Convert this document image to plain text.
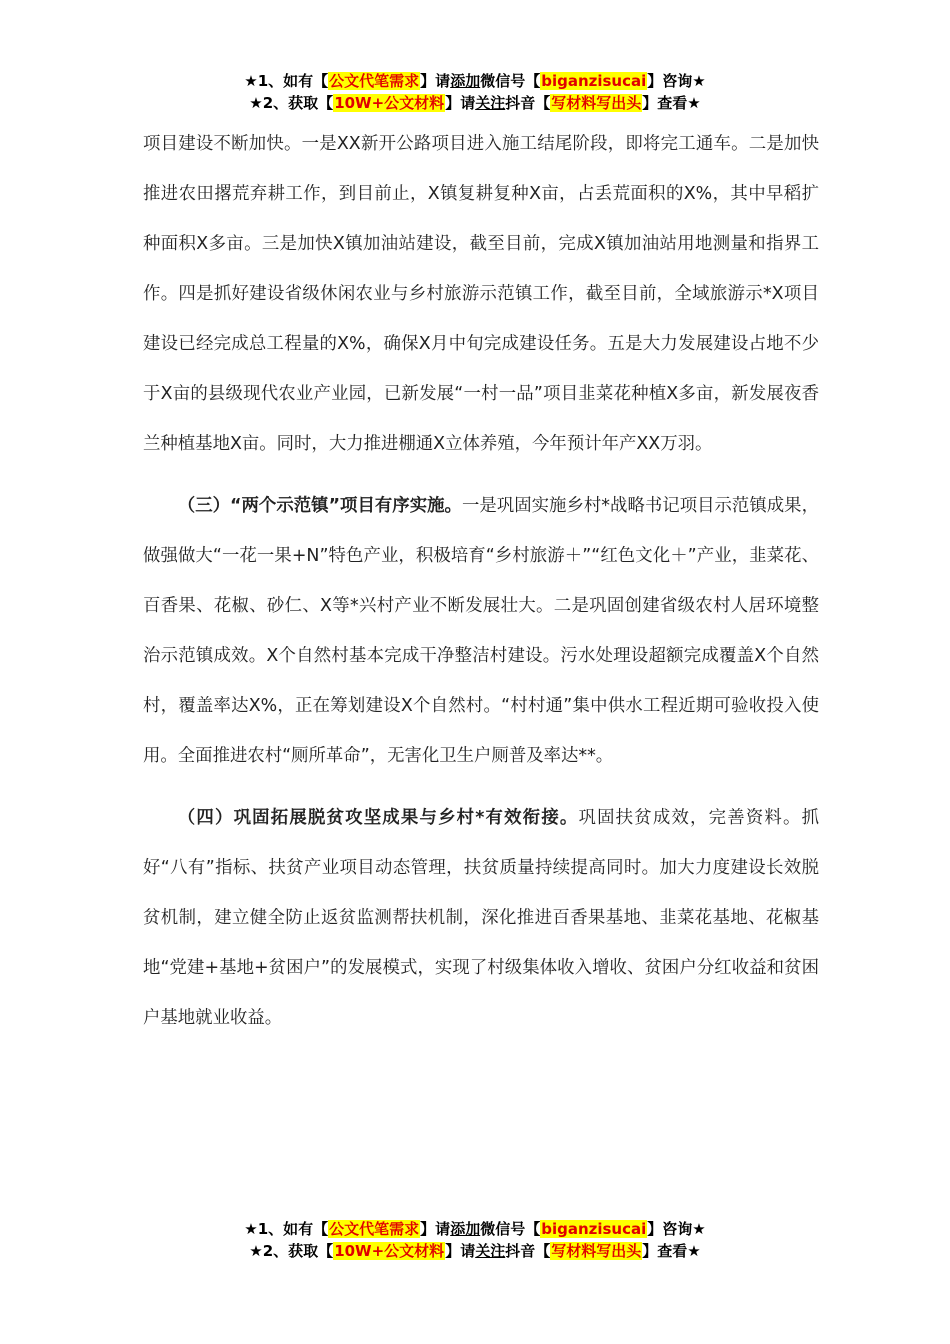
★1、如有【公文代笔需求】请添加微信号【biganzisucai】咨询★
★2、获取【10W+公文材料】请关注抖音【写材料写出头】查看★

项目建设不断加快。一是XX新开公路项目进入施工结尾阶段，即将完工通车。二是加快推进农田撂荒弃耕工作，到目前止，X镇复耕复种X亩，占丢荒面积的X%，其中早稻扩种面积X多亩。三是加快X镇加油站建设，截至目前，完成X镇加油站用地测量和指界工作。四是抓好建设省级休闲农业与乡村旅游示范镇工作，截至目前，全域旅游示*X项目建设已经完成总工程量的X%，确保X月中旬完成建设任务。五是大力发展建设占地不少于X亩的县级现代农业产业园，已新发展“一村一品”项目韭菜花种植X多亩，新发展夜香兰种植基地X亩。同时，大力推进棚通X立体养殖，今年预计年产XX万羽。

（三）“两个示范镇”项目有序实施。一是巩固实施乡村*战略书记项目示范镇成果，做强做大“一花一果+N”特色产业，积极培育“乡村旅游＋”“红色文化＋”产业，韭菜花、百香果、花椒、砂仁、X等*兴村产业不断发展壮大。二是巩固创建省级农村人居环境整治示范镇成效。X个自然村基本完成干净整洁村建设。污水处理设超额完成覆盖X个自然村，覆盖率达X%，正在筹划建设X个自然村。“村村通”集中供水工程近期可验收投入使用。全面推进农村“厕所革命”，无害化卫生户厕普及率达**。

（四）巩固拓展脱贫攻坚成果与乡村*有效衔接。巩固扶贫成效，完善资料。抓好“八有”指标、扶贫产业项目动态管理，扶贫质量持续提高同时。加大力度建设长效脱贫机制，建立健全防止返贫监测帮扶机制，深化推进百香果基地、韭菜花基地、花椒基地“党建+基地+贫困户”的发展模式，实现了村级集体收入增收、贫困户分红收益和贫困户基地就业收益。

★1、如有【公文代笔需求】请添加微信号【biganzisucai】咨询★
★2、获取【10W+公文材料】请关注抖音【写材料写出头】查看★
